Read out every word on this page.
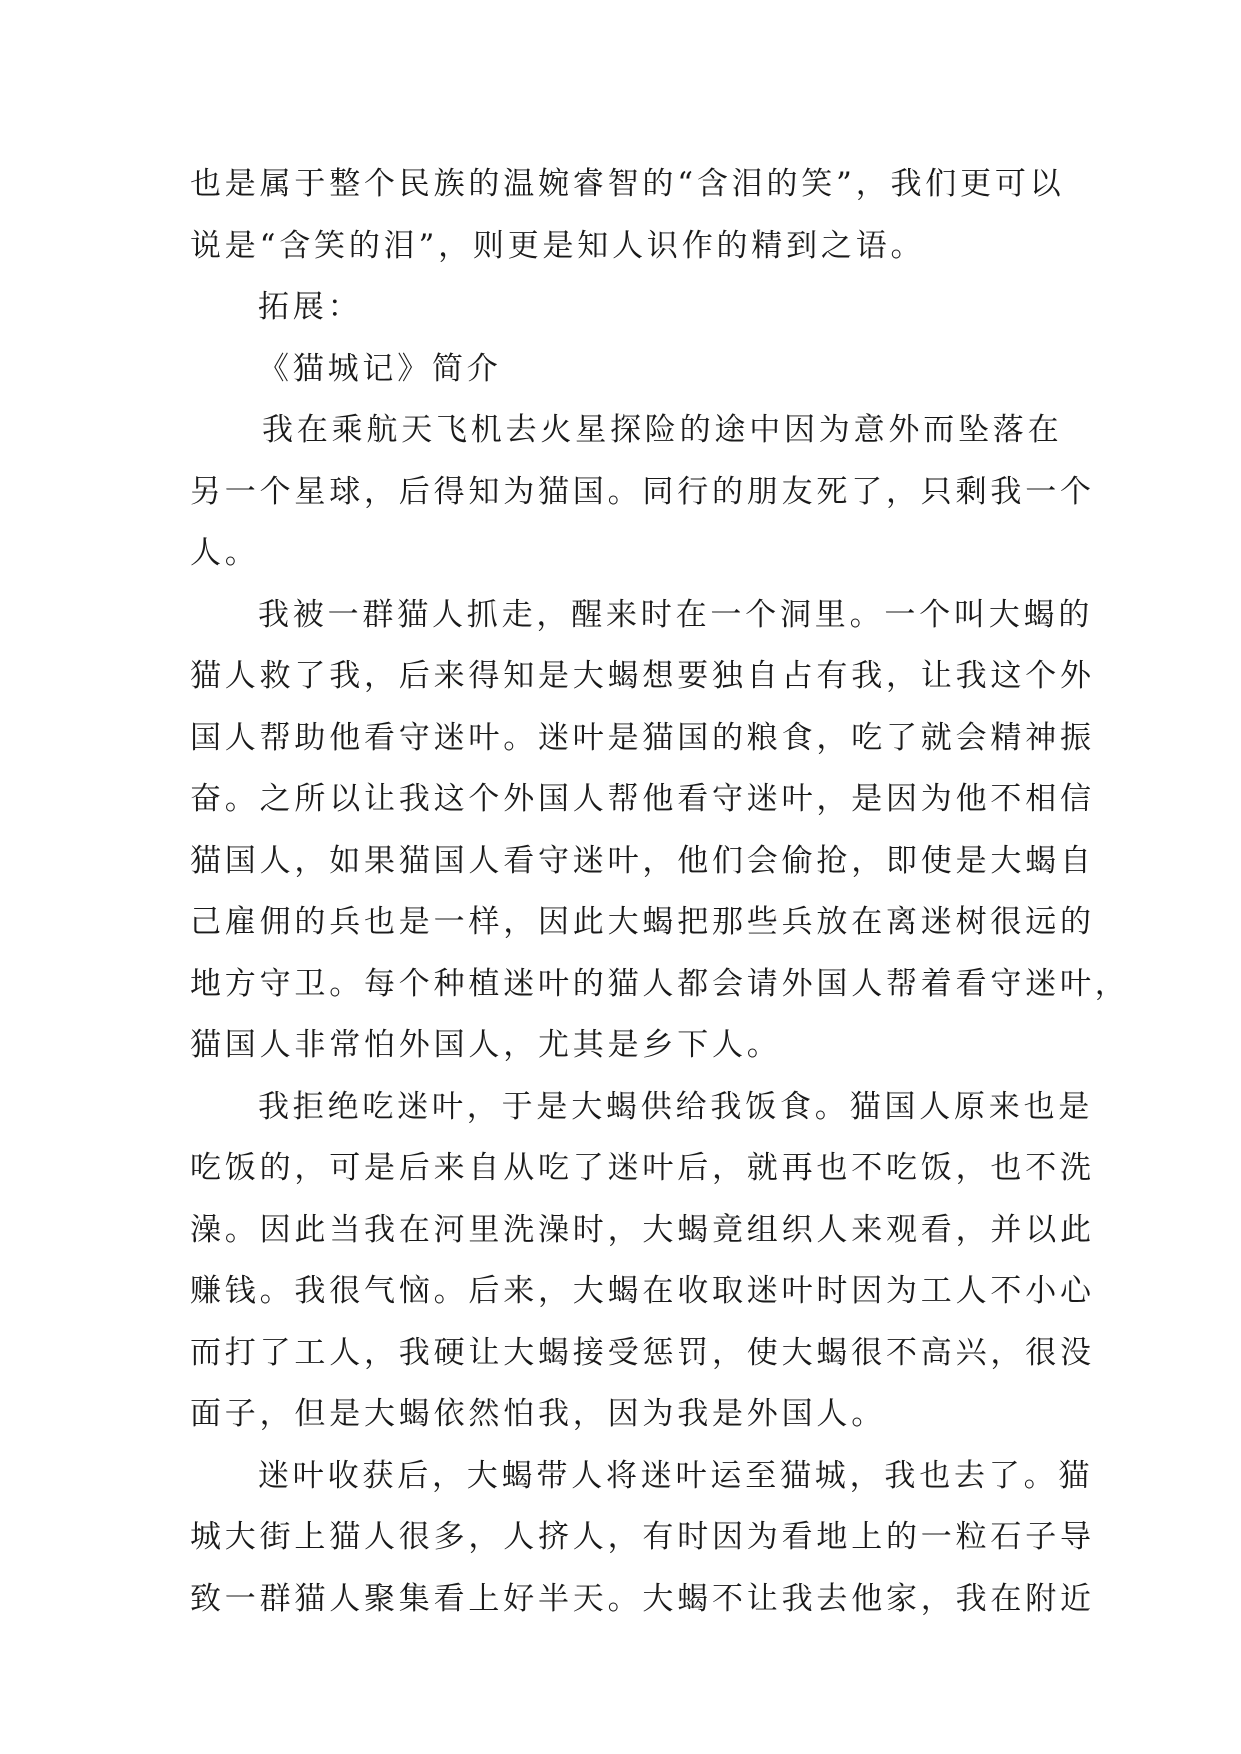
也是属于整个民族的温婉睿智的“含泪的笑”，我们更可以
说是“含笑的泪”，则更是知人识作的精到之语。
拓展：
《猫城记》简介
我在乘航天飞机去火星探险的途中因为意外而坠落在
另一个星球，后得知为猫国。同行的朋友死了，只剩我一个
人。
我被一群猫人抓走，醒来时在一个洞里。一个叫大蝎的
猫人救了我，后来得知是大蝎想要独自占有我，让我这个外
国人帮助他看守迷叶。迷叶是猫国的粮食，吃了就会精神振
奋。之所以让我这个外国人帮他看守迷叶，是因为他不相信
猫国人，如果猫国人看守迷叶，他们会偷抢，即使是大蝎自
己雇佣的兵也是一样，因此大蝎把那些兵放在离迷树很远的
地方守卫。每个种植迷叶的猫人都会请外国人帮着看守迷叶，
猫国人非常怕外国人，尤其是乡下人。
我拒绝吃迷叶，于是大蝎供给我饭食。猫国人原来也是
吃饭的，可是后来自从吃了迷叶后，就再也不吃饭，也不洗
澡。因此当我在河里洗澡时，大蝎竟组织人来观看，并以此
赚钱。我很气恼。后来，大蝎在收取迷叶时因为工人不小心
而打了工人，我硬让大蝎接受惩罚，使大蝎很不高兴，很没
面子，但是大蝎依然怕我，因为我是外国人。
迷叶收获后，大蝎带人将迷叶运至猫城，我也去了。猫
城大街上猫人很多，人挤人，有时因为看地上的一粒石子导
致一群猫人聚集看上好半天。大蝎不让我去他家，我在附近
